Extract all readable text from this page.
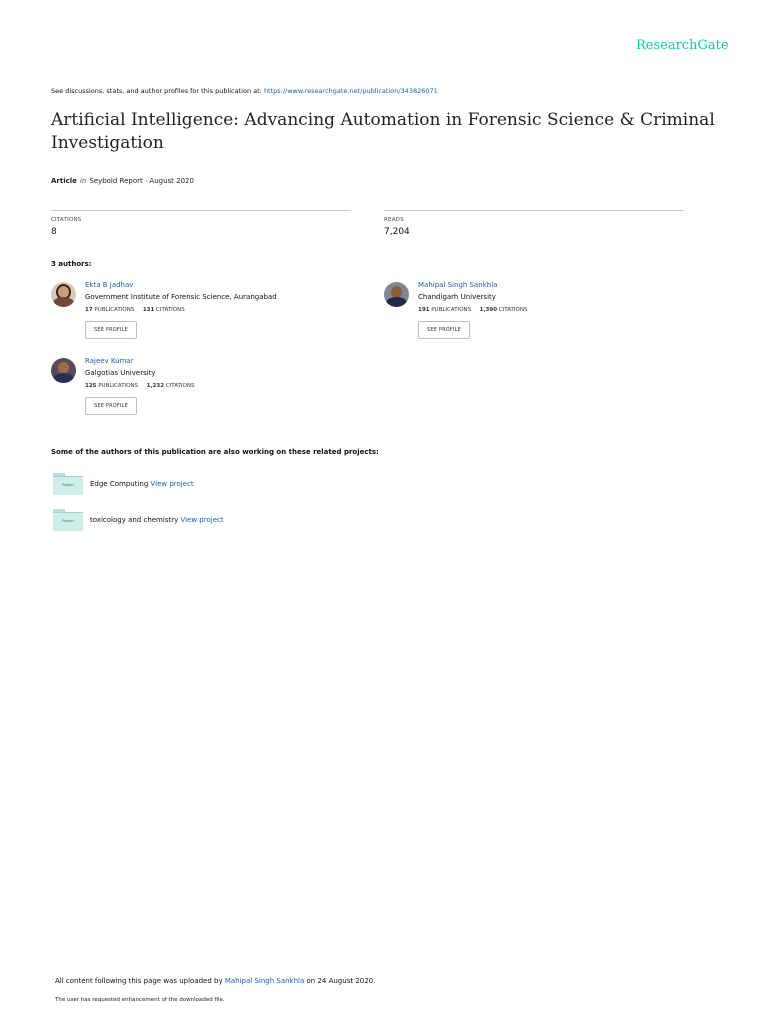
ResearchGate
See discussions, stats, and author profiles for this publication at: https://www.researchgate.net/publication/343826071
Artificial Intelligence: Advancing Automation in Forensic Science & Criminal Investigation
Article in Seybold Report · August 2020
CITATIONS
8
READS
7,204
3 authors:
Ekta B Jadhav
Government Institute of Forensic Science, Aurangabad
17 PUBLICATIONS 131 CITATIONS
SEE PROFILE
Mahipal Singh Sankhla
Chandigarh University
191 PUBLICATIONS 1,390 CITATIONS
SEE PROFILE
Rajeev Kumar
Galgotias University
125 PUBLICATIONS 1,232 CITATIONS
SEE PROFILE
Some of the authors of this publication are also working on these related projects:
Project	Edge Computing View project
Project	toxicology and chemistry View project
All content following this page was uploaded by Mahipal Singh Sankhla on 24 August 2020.
The user has requested enhancement of the downloaded file.
